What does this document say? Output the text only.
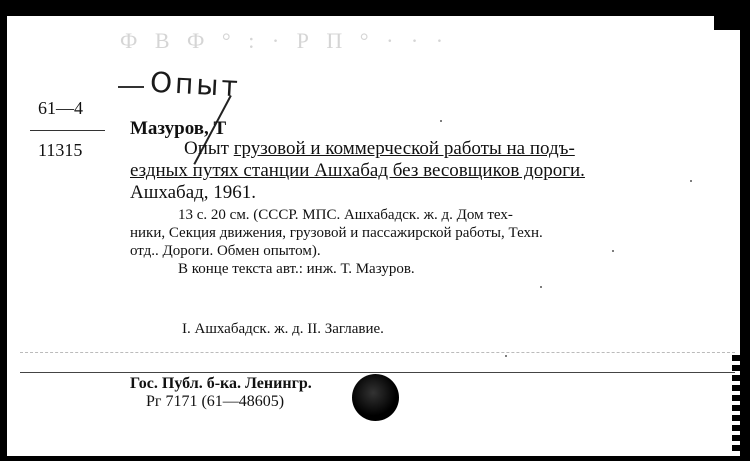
Ф В Ф ° : · Р П ° · · ·
Опыт
61—4
11315
Мазуров, Т
Опыт грузовой и коммерческой работы на подъ-
ездных путях станции Ашхабад без весовщиков дороги.
Ашхабад, 1961.
13 с. 20 см. (СССР. МПС. Ашхабадск. ж. д. Дом тех-
ники, Секция движения, грузовой и пассажирской работы, Техн.
отд.. Дороги. Обмен опытом).
В конце текста авт.: инж. Т. Мазуров.
I. Ашхабадск. ж. д. II. Заглавие.
Гос. Публ. б-ка. Ленингр.
Рг 7171 (61—48605)
